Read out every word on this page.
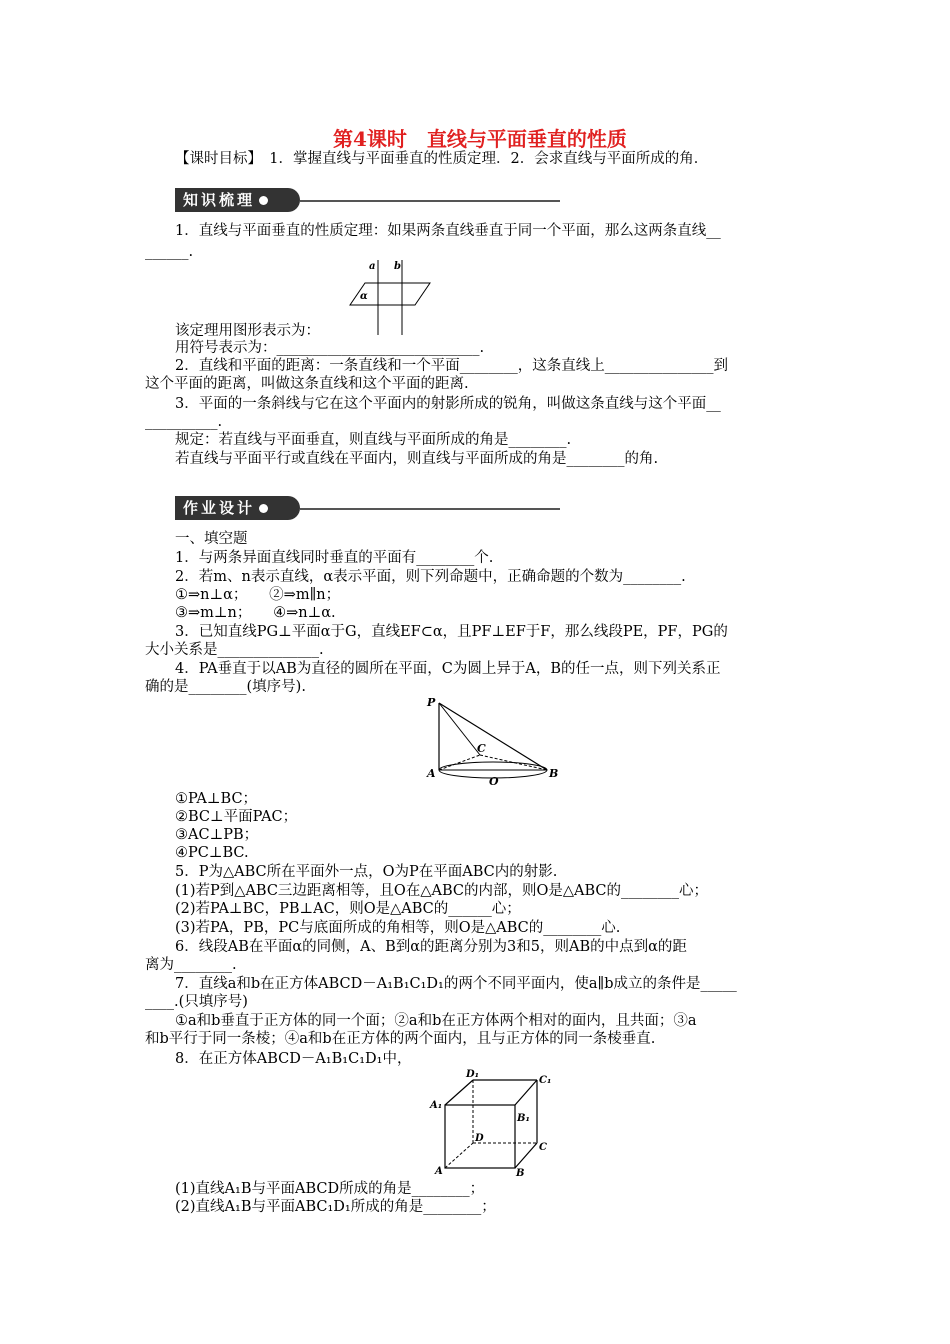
第4课时　直线与平面垂直的性质
【课时目标】　1．掌握直线与平面垂直的性质定理．2．会求直线与平面所成的角．
知识梳理
1．直线与平面垂直的性质定理：如果两条直线垂直于同一个平面，那么这两条直线__
______.
a b
α
该定理用图形表示为：
用符号表示为：____________________________.
2．直线和平面的距离：一条直线和一个平面________，这条直线上_______________到
这个平面的距离，叫做这条直线和这个平面的距离.
3．平面的一条斜线与它在这个平面内的射影所成的锐角，叫做这条直线与这个平面__
__________.
规定：若直线与平面垂直，则直线与平面所成的角是________.
若直线与平面平行或直线在平面内，则直线与平面所成的角是________的角.
作业设计
一、填空题
1．与两条异面直线同时垂直的平面有________个.
2．若m、n表示直线，α表示平面，则下列命题中，正确命题的个数为________.
①⇒n⊥α；　　②⇒m∥n；
③⇒m⊥n；　　④⇒n⊥α.
3．已知直线PG⊥平面α于G，直线EF⊂α，且PF⊥EF于F，那么线段PE，PF，PG的
大小关系是______________.
4．PA垂直于以AB为直径的圆所在平面，C为圆上异于A，B的任一点，则下列关系正
确的是________(填序号).
P
C
A
O
B
①PA⊥BC；
②BC⊥平面PAC；
③AC⊥PB；
④PC⊥BC.
5．P为△ABC所在平面外一点，O为P在平面ABC内的射影.
(1)若P到△ABC三边距离相等，且O在△ABC的内部，则O是△ABC的________心；
(2)若PA⊥BC，PB⊥AC，则O是△ABC的______心；
(3)若PA，PB，PC与底面所成的角相等，则O是△ABC的________心.
6．线段AB在平面α的同侧，A、B到α的距离分别为3和5，则AB的中点到α的距
离为________.
7．直线a和b在正方体ABCD－A₁B₁C₁D₁的两个不同平面内，使a∥b成立的条件是_____
____.(只填序号)
①a和b垂直于正方体的同一个面；②a和b在正方体两个相对的面内，且共面；③a
和b平行于同一条棱；④a和b在正方体的两个面内，且与正方体的同一条棱垂直.
8．在正方体ABCD－A₁B₁C₁D₁中，
D₁
C₁
A₁
B₁
D
C
A	B
(1)直线A₁B与平面ABCD所成的角是________；
(2)直线A₁B与平面ABC₁D₁所成的角是________；
